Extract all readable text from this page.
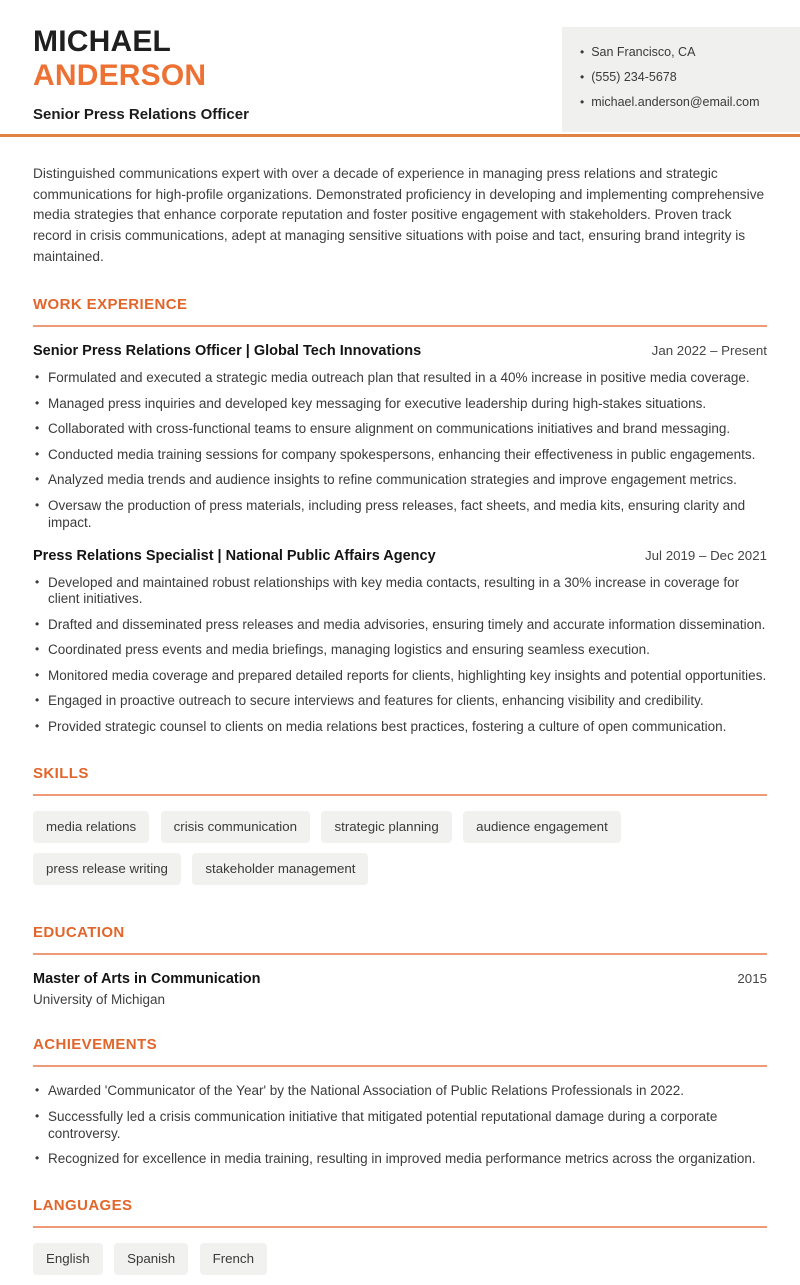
MICHAEL
ANDERSON
Senior Press Relations Officer
• San Francisco, CA
• (555) 234-5678
• michael.anderson@email.com

Distinguished communications expert with over a decade of experience in managing press relations and strategic communications for high-profile organizations. Demonstrated proficiency in developing and implementing comprehensive media strategies that enhance corporate reputation and foster positive engagement with stakeholders. Proven track record in crisis communications, adept at managing sensitive situations with poise and tact, ensuring brand integrity is maintained.

WORK EXPERIENCE
Senior Press Relations Officer | Global Tech Innovations	Jan 2022 – Present
• Formulated and executed a strategic media outreach plan that resulted in a 40% increase in positive media coverage.
• Managed press inquiries and developed key messaging for executive leadership during high-stakes situations.
• Collaborated with cross-functional teams to ensure alignment on communications initiatives and brand messaging.
• Conducted media training sessions for company spokespersons, enhancing their effectiveness in public engagements.
• Analyzed media trends and audience insights to refine communication strategies and improve engagement metrics.
• Oversaw the production of press materials, including press releases, fact sheets, and media kits, ensuring clarity and impact.
Press Relations Specialist | National Public Affairs Agency	Jul 2019 – Dec 2021
• Developed and maintained robust relationships with key media contacts, resulting in a 30% increase in coverage for client initiatives.
• Drafted and disseminated press releases and media advisories, ensuring timely and accurate information dissemination.
• Coordinated press events and media briefings, managing logistics and ensuring seamless execution.
• Monitored media coverage and prepared detailed reports for clients, highlighting key insights and potential opportunities.
• Engaged in proactive outreach to secure interviews and features for clients, enhancing visibility and credibility.
• Provided strategic counsel to clients on media relations best practices, fostering a culture of open communication.
SKILLS
media relations	crisis communication	strategic planning	audience engagement press release writing	stakeholder management
EDUCATION
Master of Arts in Communication	2015
University of Michigan
ACHIEVEMENTS
• Awarded 'Communicator of the Year' by the National Association of Public Relations Professionals in 2022.
• Successfully led a crisis communication initiative that mitigated potential reputational damage during a corporate controversy.
• Recognized for excellence in media training, resulting in improved media performance metrics across the organization.
LANGUAGES
English	Spanish	French
